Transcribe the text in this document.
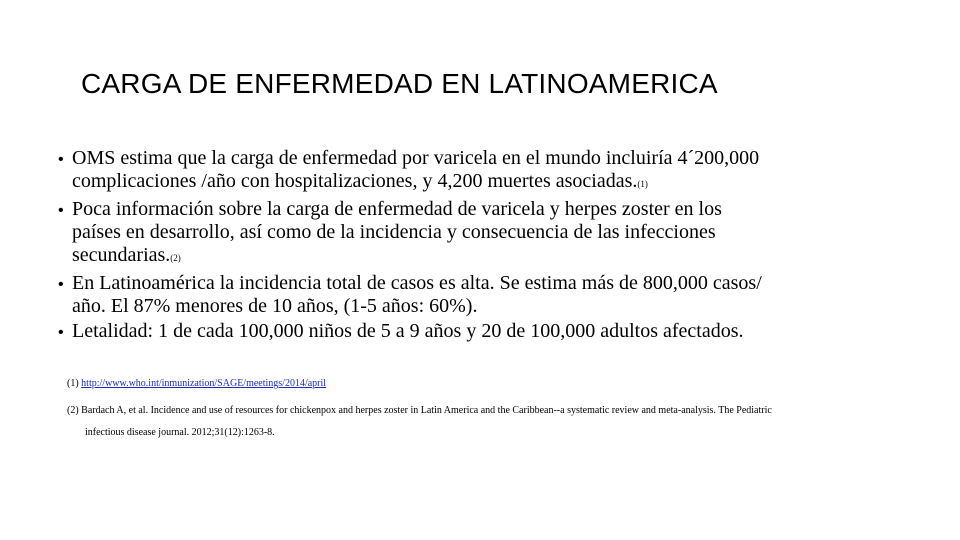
CARGA DE ENFERMEDAD EN LATINOAMERICA
• OMS estima que la carga de enfermedad por varicela en el mundo incluiría 4´200,000
complicaciones /año con hospitalizaciones, y 4,200 muertes asociadas.(1)
• Poca información sobre la carga de enfermedad de varicela y herpes zoster en los
países en desarrollo, así como de la incidencia y consecuencia de las infecciones
secundarias.(2)
• En Latinoamérica la incidencia total de casos es alta. Se estima más de 800,000 casos/
año. El 87% menores de 10 años, (1-5 años: 60%).
• Letalidad: 1 de cada 100,000 niños de 5 a 9 años y 20 de 100,000 adultos afectados.
(1) http://www.who.int/inmunization/SAGE/meetings/2014/april
(2) Bardach A, et al. Incidence and use of resources for chickenpox and herpes zoster in Latin America and the Caribbean--a systematic review and meta-analysis. The Pediatric
infectious disease journal. 2012;31(12):1263-8.
